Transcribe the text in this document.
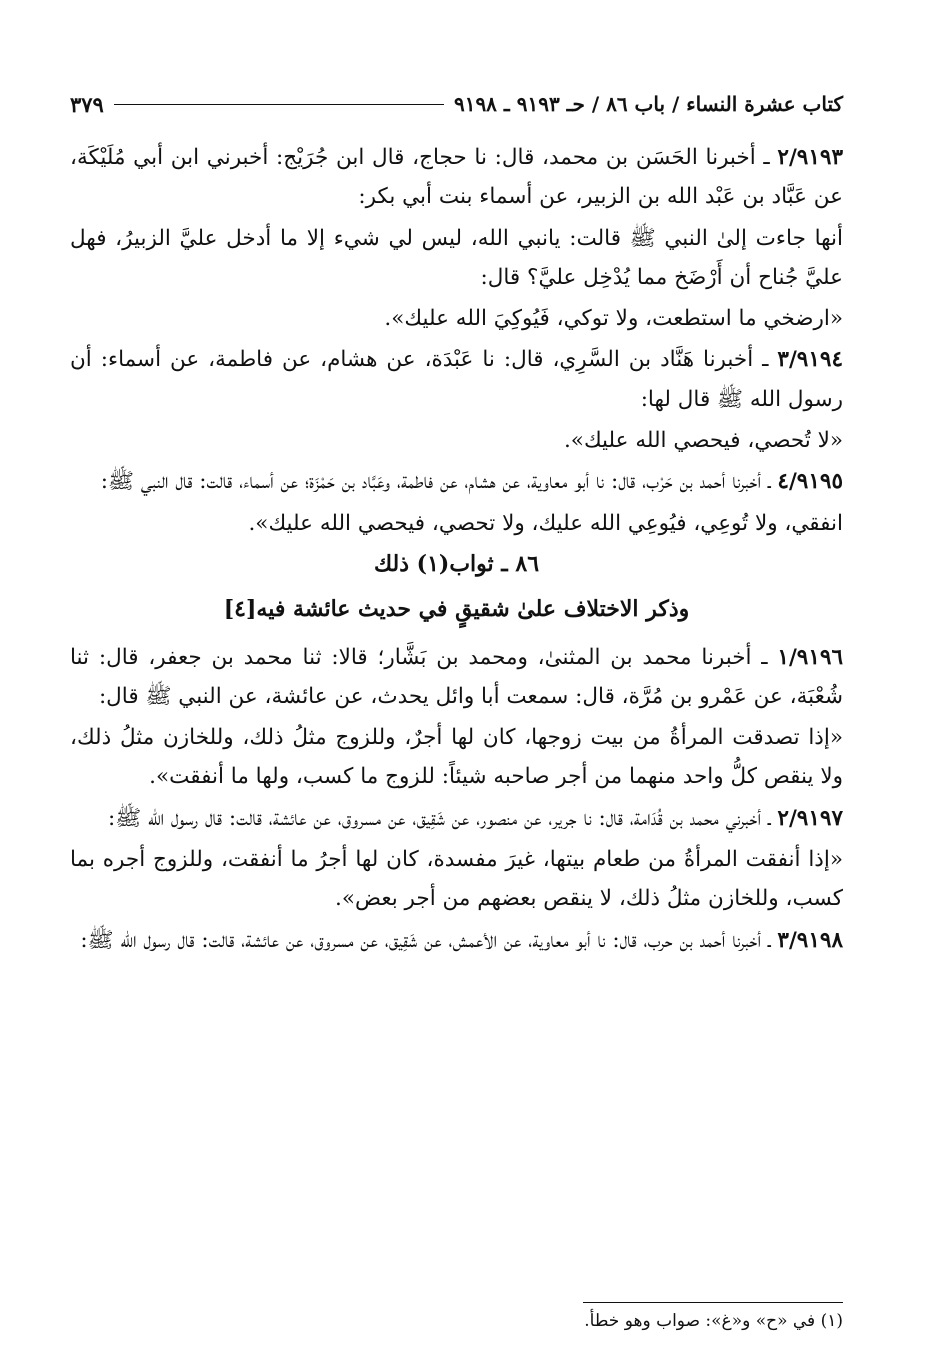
كتاب عشرة النساء / باب ٨٦ / حـ ٩١٩٣ ـ ٩١٩٨
٣٧٩

٢/٩١٩٣ ـ أخبرنا الحَسَن بن محمد، قال: نا حجاج، قال ابن جُرَيْج: أخبرني ابن أبي مُلَيْكَة، عن عَبَّاد بن عَبْد الله بن الزبير، عن أسماء بنت أبي بكر:

أنها جاءت إلىٰ النبي ﷺ قالت: يانبي الله، ليس لي شيء إلا ما أدخل عليَّ الزبيرُ، فهل عليَّ جُناح أن أَرْضَخ مما يُدْخِل عليَّ؟ قال:

«ارضخي ما استطعت، ولا توكي، فَيُوكِيَ الله عليك».

٣/٩١٩٤ ـ أخبرنا هَنَّاد بن السَّرِي، قال: نا عَبْدَة، عن هشام، عن فاطمة، عن أسماء: أن رسول الله ﷺ قال لها:

«لا تُحصي، فيحصي الله عليك».

٤/٩١٩٥ ـ أخبرنا أحمد بن حَرْب، قال: نا أبو معاوية، عن هشام، عن فاطمة، وعَبَّاد بن حَمْزَة؛ عن أسماء، قالت: قال النبي ﷺ:

انفقي، ولا تُوعِي، فيُوعِي الله عليك، ولا تحصي، فيحصي الله عليك».

٨٦ ـ ثواب(١) ذلك

وذكر الاختلاف علىٰ شقيقٍ في حديث عائشة فيه[٤]

١/٩١٩٦ ـ أخبرنا محمد بن المثنىٰ، ومحمد بن بَشَّار؛ قالا: ثنا محمد بن جعفر، قال: ثنا شُعْبَة، عن عَمْرو بن مُرَّة، قال: سمعت أبا وائل يحدث، عن عائشة، عن النبي ﷺ قال:

«إذا تصدقت المرأةُ من بيت زوجها، كان لها أجرٌ، وللزوج مثلُ ذلك، وللخازن مثلُ ذلك، ولا ينقص كلُّ واحد منهما من أجر صاحبه شيئاً: للزوج ما كسب، ولها ما أنفقت».

٢/٩١٩٧ ـ أخبرني محمد بن قُدَامة، قال: نا جرير، عن منصور، عن شَقِيق، عن مسروق، عن عائشة، قالت: قال رسول الله ﷺ:

«إذا أنفقت المرأةُ من طعام بيتها، غيرَ مفسدة، كان لها أجرُ ما أنفقت، وللزوج أجره بما كسب، وللخازن مثلُ ذلك، لا ينقص بعضهم من أجر بعض».

٣/٩١٩٨ ـ أخبرنا أحمد بن حرب، قال: نا أبو معاوية، عن الأعمش، عن شَقِيق، عن مسروق، عن عائشة، قالت: قال رسول الله ﷺ:

(١) في «ح» و«غ»: صواب وهو خطأ.
